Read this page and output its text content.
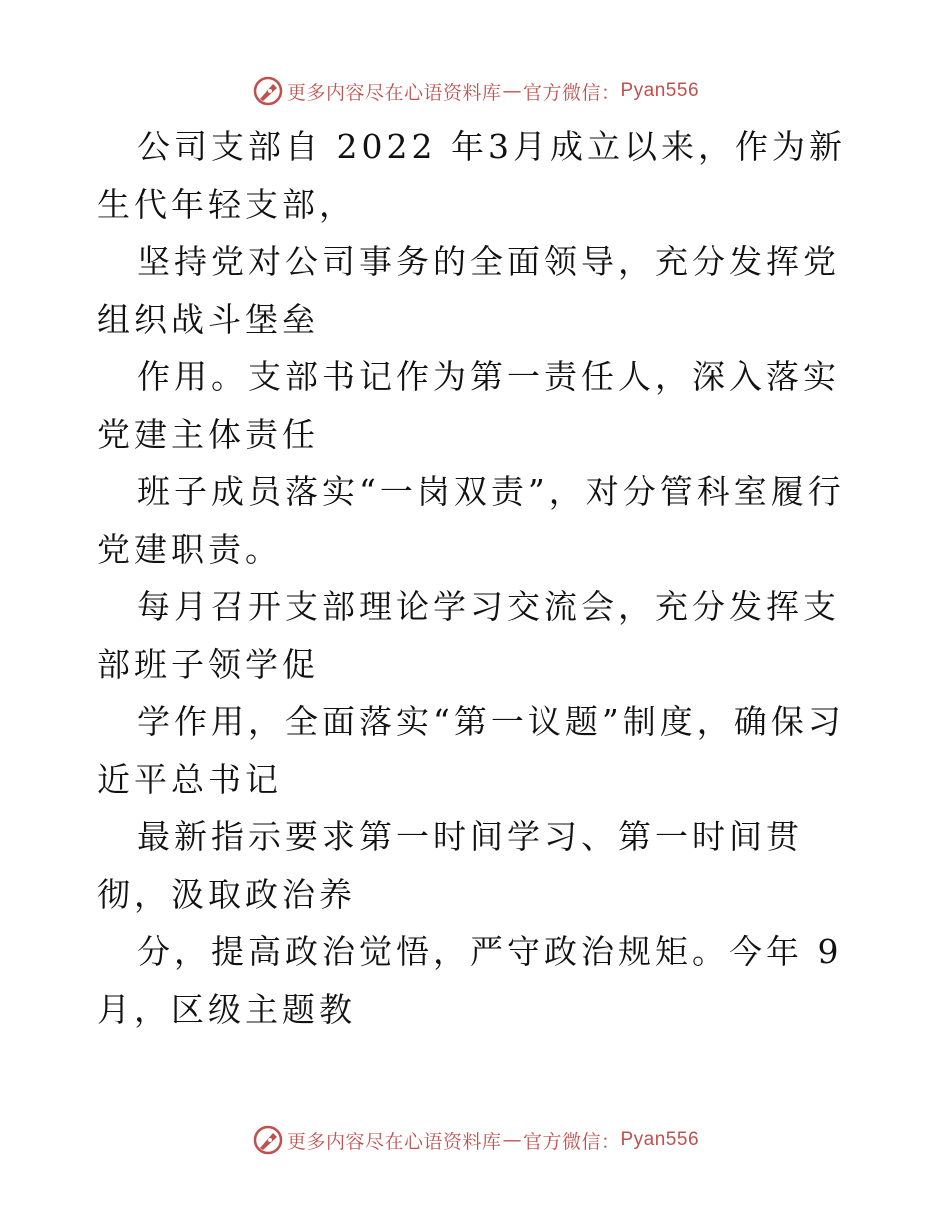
更多内容尽在心语资料库 — 官方微信： Pyan556

公司支部自 2022 年3月成立以来，作为新生代年轻支部，

坚持党对公司事务的全面领导，充分发挥党组织战斗堡垒

作用。支部书记作为第一责任人，深入落实党建主体责任

班子成员落实“一岗双责”，对分管科室履行党建职责。

每月召开支部理论学习交流会，充分发挥支部班子领学促

学作用，全面落实“第一议题”制度，确保习近平总书记

最新指示要求第一时间学习、第一时间贯彻，汲取政治养

分，提高政治觉悟，严守政治规矩。今年 9 月，区级主题教

更多内容尽在心语资料库 — 官方微信： Pyan556
